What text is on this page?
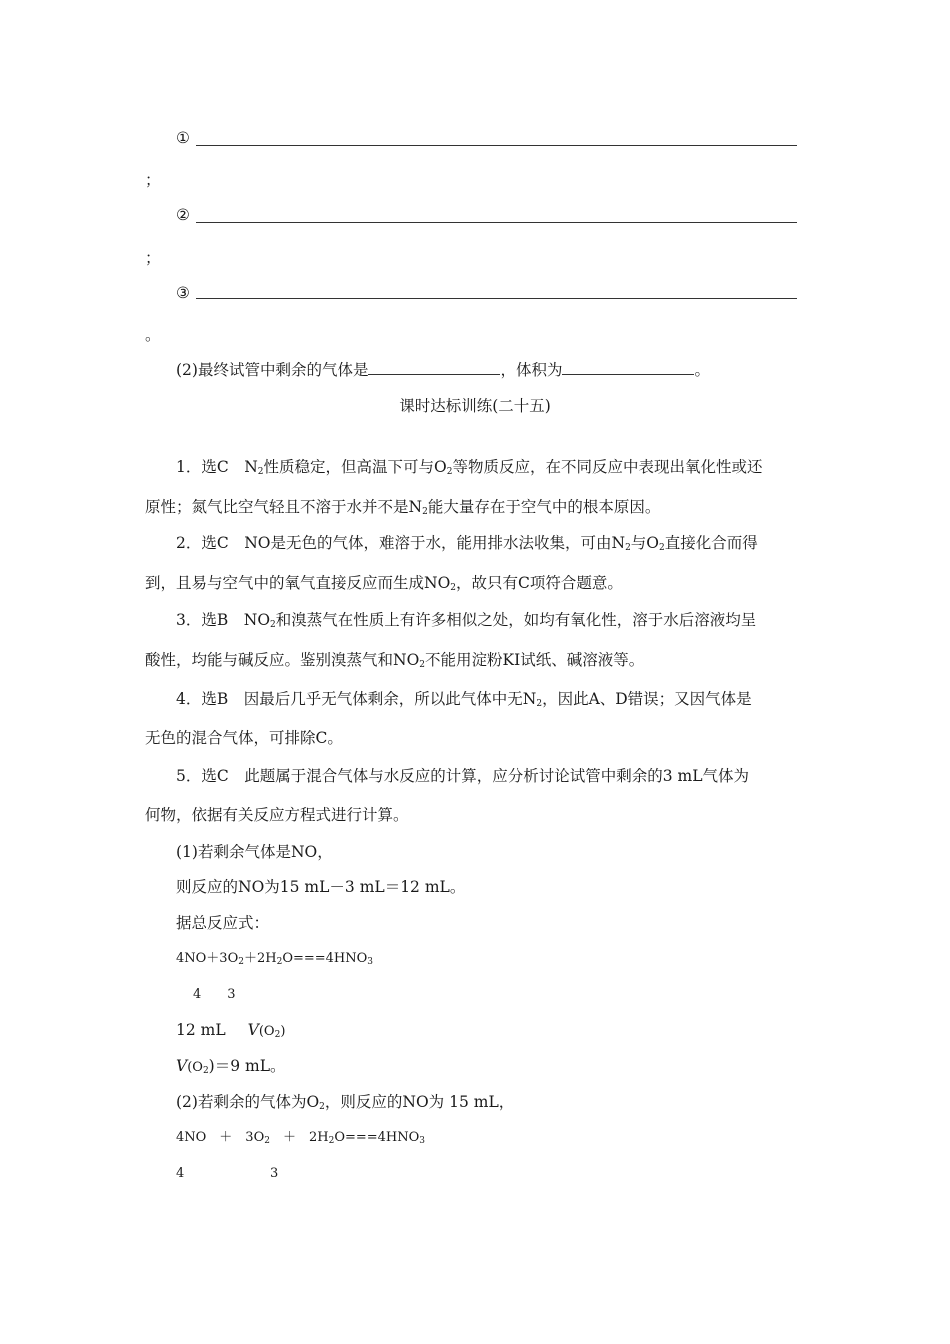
①
；
②
；
③
。
(2)最终试管中剩余的气体是	，体积为	。
课时达标训练(二十五)
1．选C　$N_2$性质稳定，但高温下可与$O_2$等物质反应，在不同反应中表现出氧化性或还
原性；氮气比空气轻且不溶于水并不是$N_2$能大量存在于空气中的根本原因。
2．选C　NO是无色的气体，难溶于水，能用排水法收集，可由$N_2$与$O_2$直接化合而得
到，且易与空气中的氧气直接反应而生成$NO_2$，故只有C项符合题意。
3．选B　$NO_2$和溴蒸气在性质上有许多相似之处，如均有氧化性，溶于水后溶液均呈
酸性，均能与碱反应。鉴别溴蒸气和$NO_2$不能用淀粉KI试纸、碱溶液等。
4．选B　因最后几乎无气体剩余，所以此气体中无$N_2$，因此A、D错误；又因气体是
无色的混合气体，可排除C。
5．选C　此题属于混合气体与水反应的计算，应分析讨论试管中剩余的3 mL气体为
何物，依据有关反应方程式进行计算。
(1)若剩余气体是NO，
则反应的NO为15 mL－3 mL＝12 mL。
据总反应式：
$4NO+3O_2+2H_2O===4HNO_3$
4　　3
12 mL $V(O_2)$
$V(O_2)=9$ mL。
(2)若剩余的气体为$O_2$，则反应的NO为 15 mL，
4NO　＋　$3O_2$　＋　$2H_2O===4HNO_3$
4	3
